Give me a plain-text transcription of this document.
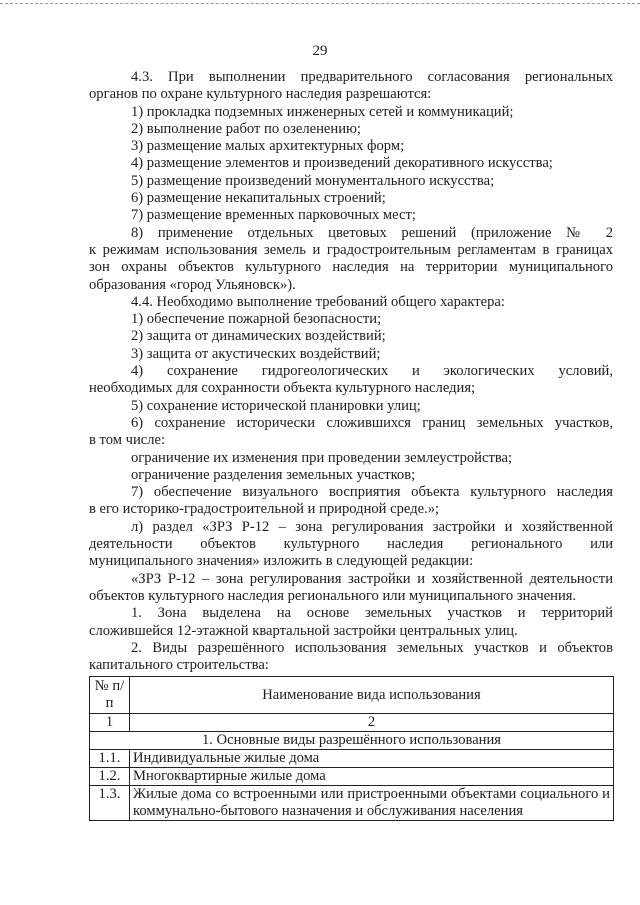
29

4.3. При выполнении предварительного согласования региональных

органов по охране культурного наследия разрешаются:

1) прокладка подземных инженерных сетей и коммуникаций;

2) выполнение работ по озеленению;

3) размещение малых архитектурных форм;

4) размещение элементов и произведений декоративного искусства;

5) размещение произведений монументального искусства;

6) размещение некапитальных строений;

7) размещение временных парковочных мест;

8) применение отдельных цветовых решений (приложение № 2

к режимам использования земель и градостроительным регламентам в границах зон охраны объектов культурного наследия на территории муниципального образования «город Ульяновск»).

4.4. Необходимо выполнение требований общего характера:

1) обеспечение пожарной безопасности;

2) защита от динамических воздействий;

3) защита от акустических воздействий;

4) сохранение гидрогеологических и экологических условий,

необходимых для сохранности объекта культурного наследия;

5) сохранение исторической планировки улиц;

6) сохранение исторически сложившихся границ земельных участков,

в том числе:

ограничение их изменения при проведении землеустройства;

ограничение разделения земельных участков;

7) обеспечение визуального восприятия объекта культурного наследия

в его историко-градостроительной и природной среде.»;

л) раздел «ЗРЗ Р-12 – зона регулирования застройки и хозяйственной

деятельности объектов культурного наследия регионального или

муниципального значения» изложить в следующей редакции:

«ЗРЗ Р-12 – зона регулирования застройки и хозяйственной деятельности

объектов культурного наследия регионального или муниципального значения.

1. Зона выделена на основе земельных участков и территорий

сложившейся 12-этажной квартальной застройки центральных улиц.

2. Виды разрешённого использования земельных участков и объектов

капитального строительства:

№ п/п	Наименование вида использования
1	2
1. Основные виды разрешённого использования	
1.1.	Индивидуальные жилые дома
1.2.	Многоквартирные жилые дома
1.3.	Жилые дома со встроенными или пристроенными объектами социального и коммунально-бытового назначения и обслуживания населения
